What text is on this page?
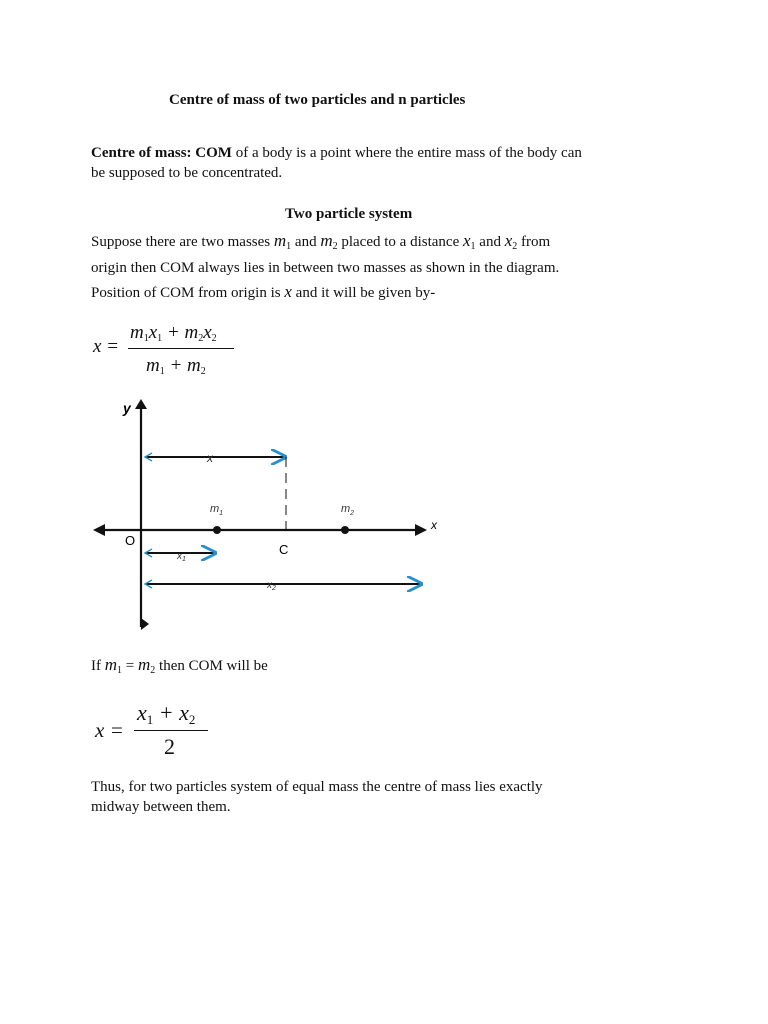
Centre of mass of two particles and n particles
Centre of mass: COM of a body is a point where the entire mass of the body can
be supposed to be concentrated.
Two particle system
Suppose there are two masses $m_1$ and $m_2$ placed to a distance $x_1$ and $x_2$ from
origin then COM always lies in between two masses as shown in the diagram.
Position of COM from origin is x and it will be given by-
x =
$m_1x_1 + m_2x_2$
$m_1 + m_2$
y
x
O
x
C
$m_1$	$m_2$
$x_1$
$x_2$
If $m_1 = m_2$ then COM will be
x =
$x_1 + x_2$
2
Thus, for two particles system of equal mass the centre of mass lies exactly
midway between them.
